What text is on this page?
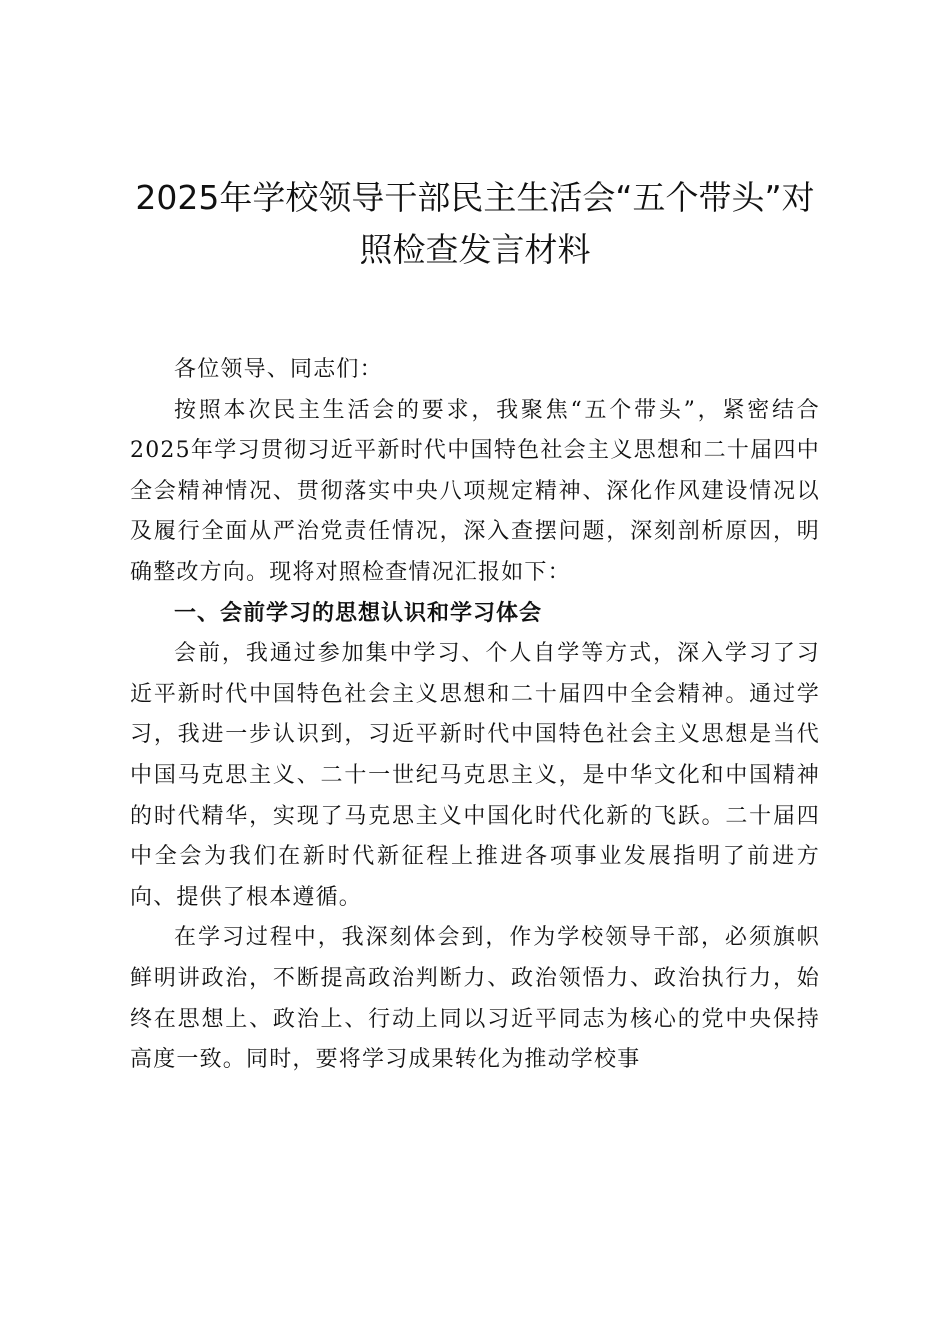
2025年学校领导干部民主生活会“五个带头”对照检查发言材料

各位领导、同志们：

按照本次民主生活会的要求，我聚焦“五个带头”，紧密结合2025年学习贯彻习近平新时代中国特色社会主义思想和二十届四中全会精神情况、贯彻落实中央八项规定精神、深化作风建设情况以及履行全面从严治党责任情况，深入查摆问题，深刻剖析原因，明确整改方向。现将对照检查情况汇报如下：

一、会前学习的思想认识和学习体会

会前，我通过参加集中学习、个人自学等方式，深入学习了习近平新时代中国特色社会主义思想和二十届四中全会精神。通过学习，我进一步认识到，习近平新时代中国特色社会主义思想是当代中国马克思主义、二十一世纪马克思主义，是中华文化和中国精神的时代精华，实现了马克思主义中国化时代化新的飞跃。二十届四中全会为我们在新时代新征程上推进各项事业发展指明了前进方向、提供了根本遵循。

在学习过程中，我深刻体会到，作为学校领导干部，必须旗帜鲜明讲政治，不断提高政治判断力、政治领悟力、政治执行力，始终在思想上、政治上、行动上同以习近平同志为核心的党中央保持高度一致。同时，要将学习成果转化为推动学校事
